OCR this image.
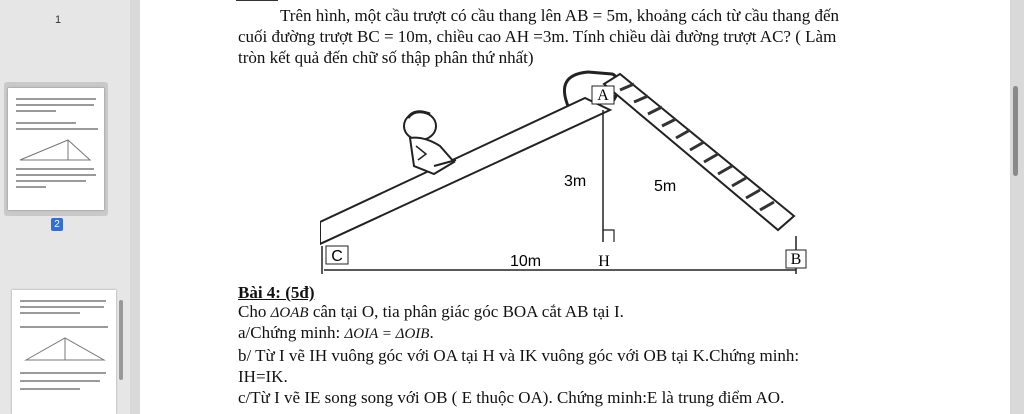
1
2
Trên hình, một cầu trượt có cầu thang lên AB = 5m, khoảng cách từ cầu thang đến
cuối đường trượt BC = 10m, chiều cao AH =3m. Tính chiều dài đường trượt AC? ( Làm
tròn kết quả đến chữ số thập phân thứ nhất)
A
3m	5m
C	10m	H	B
Bài 4: (5đ)
Cho ΔOAB cân tại O, tia phân giác góc BOA cắt AB tại I.
a/Chứng minh: ΔOIA = ΔOIB.
b/ Từ I vẽ IH vuông góc với OA tại H và IK vuông góc với OB tại K.Chứng minh:
IH=IK.
c/Từ I vẽ IE song song với OB ( E thuộc OA). Chứng minh:E là trung điểm AO.
